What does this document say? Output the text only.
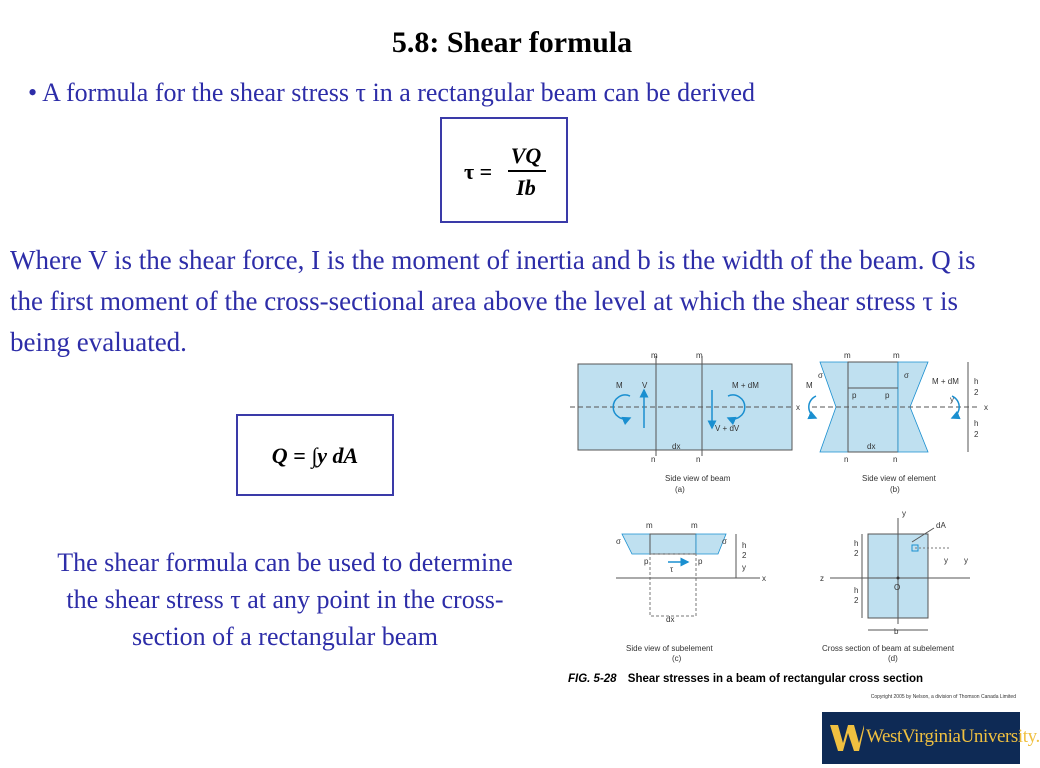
5.8: Shear formula
• A formula for the shear stress τ in a rectangular beam can be derived
τ =
VQ
Ib
Where V is the shear force, I is the moment of inertia and b is the width of the beam. Q is the first moment of the cross-sectional area above the level at which the shear stress τ is being evaluated.
Q = ∫y dA
The shear formula can be used to determine the shear stress τ at any point in the cross-section of a rectangular beam
m	m
n	n
x
dx
M V	M + dM
V + dV
Side view of beam
(a)
m	m
n	n
p	p
dx
σ	σ
M	M + dM
x
y
h
2
h
2
Side view of element
(b)
m	m
p	p
τ
dx
σ	σ
x
y
h
2
Side view of subelement
(c)
y
dA
z
O
y
y
h
2
h
2
b
Cross section of beam at subelement
(d)
FIG. 5-28 Shear stresses in a beam of rectangular cross section
Copyright 2005 by Nelson, a division of Thomson Canada Limited
WestVirginiaUniversity.
